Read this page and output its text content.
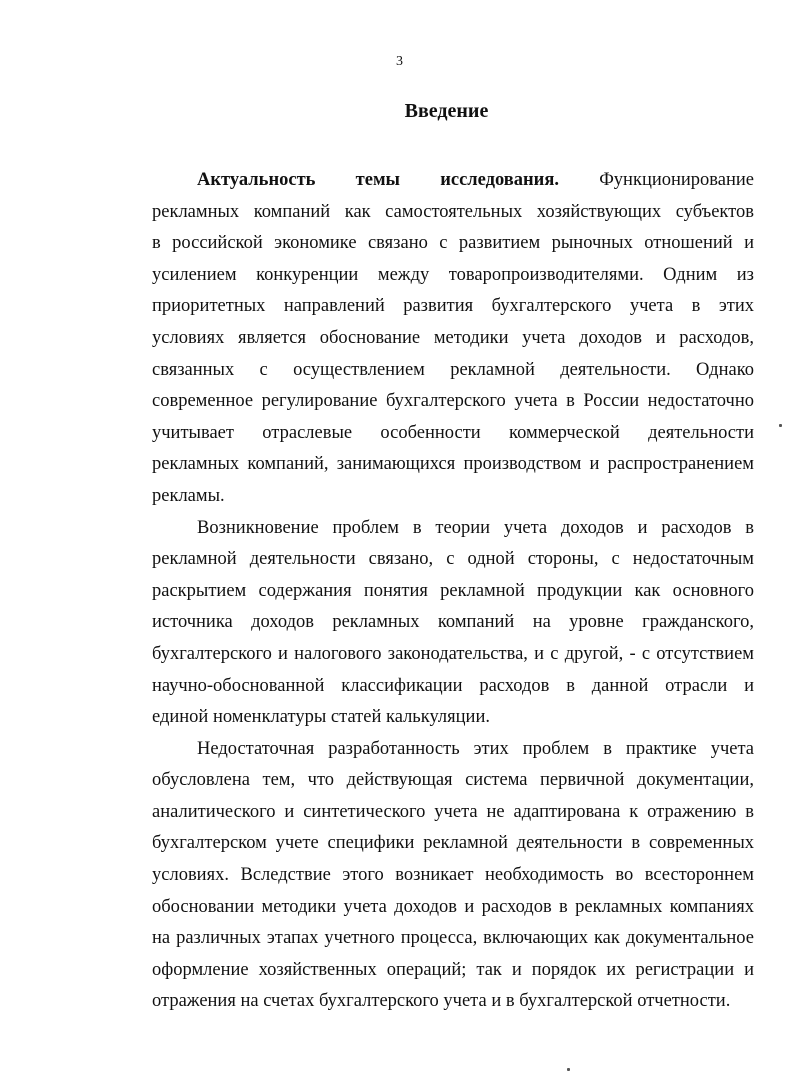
3
Введение
Актуальность темы исследования. Функционирование
рекламных компаний как самостоятельных хозяйствующих субъектов
в российской экономике связано с развитием рыночных отношений и
усилением конкуренции между товаропроизводителями. Одним из
приоритетных направлений развития бухгалтерского учета в этих
условиях является обоснование методики учета доходов и расходов,
связанных с осуществлением рекламной деятельности. Однако
современное регулирование бухгалтерского учета в России недостаточно
учитывает отраслевые особенности коммерческой деятельности
рекламных компаний, занимающихся производством и распространением
рекламы.
Возникновение проблем в теории учета доходов и расходов в
рекламной деятельности связано, с одной стороны, с недостаточным
раскрытием содержания понятия рекламной продукции как основного
источника доходов рекламных компаний на уровне гражданского,
бухгалтерского и налогового законодательства, и с другой, - с отсутствием
научно-обоснованной классификации расходов в данной отрасли и
единой номенклатуры статей калькуляции.
Недостаточная разработанность этих проблем в практике учета
обусловлена тем, что действующая система первичной документации,
аналитического и синтетического учета не адаптирована к отражению в
бухгалтерском учете специфики рекламной деятельности в современных
условиях. Вследствие этого возникает необходимость во всестороннем
обосновании методики учета доходов и расходов в рекламных компаниях
на различных этапах учетного процесса, включающих как документальное
оформление хозяйственных операций; так и порядок их регистрации и
отражения на счетах бухгалтерского учета и в бухгалтерской отчетности.
